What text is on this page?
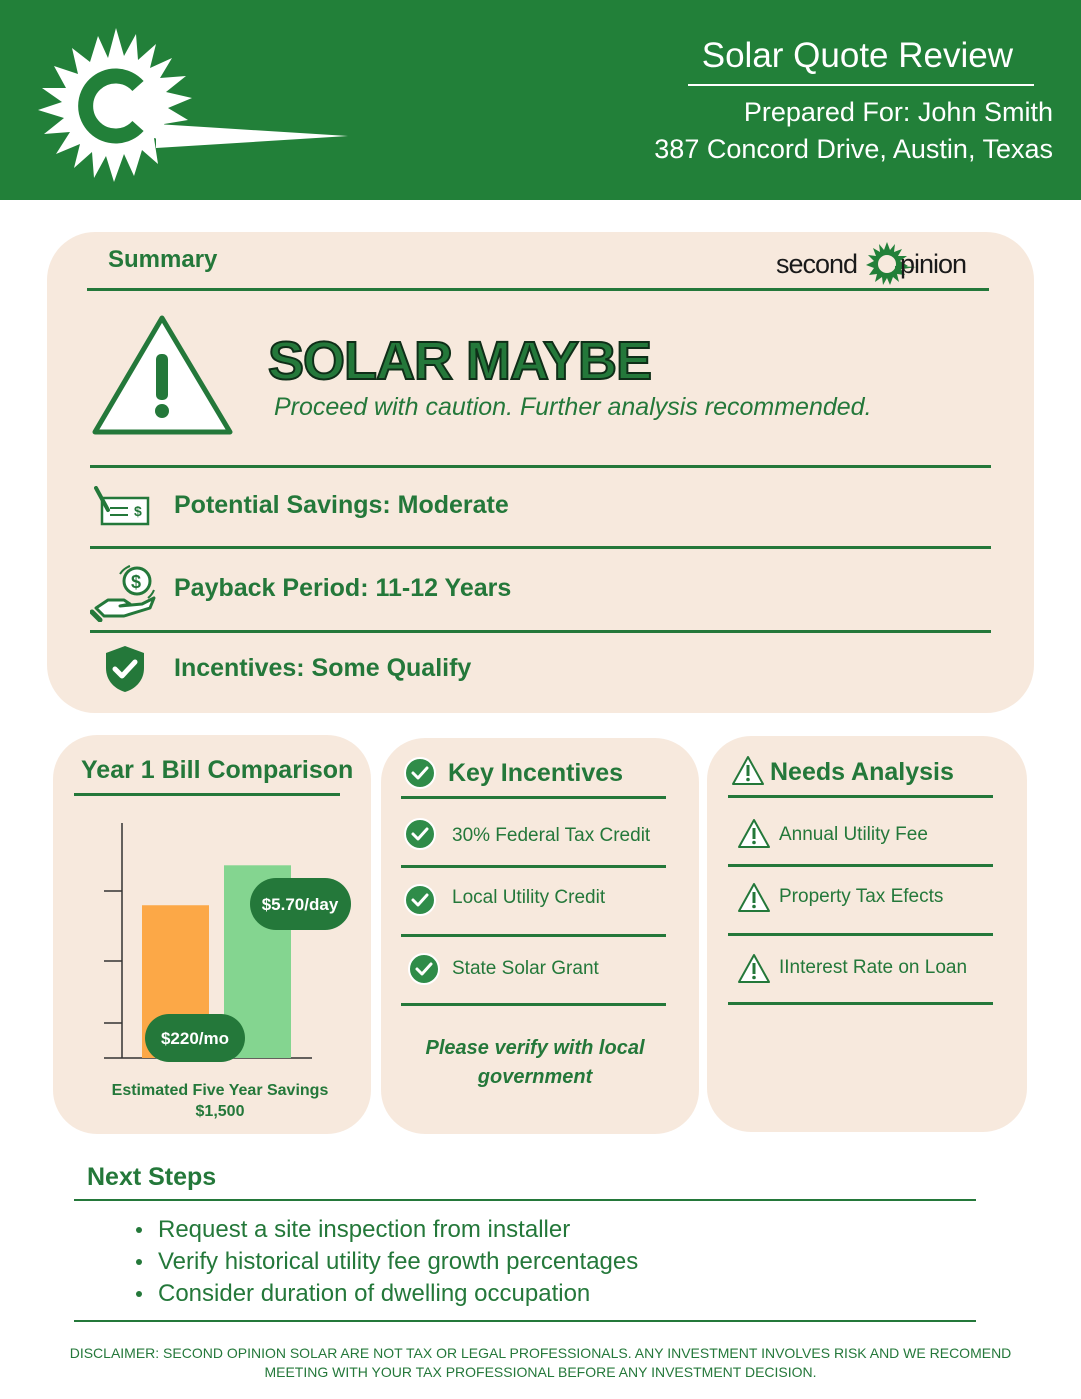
Solar Quote Review
Prepared For: John Smith
387 Concord Drive, Austin, Texas
Summary	second pinion
SOLAR MAYBE
Proceed with caution. Further analysis recommended.
$ Potential Savings: Moderate
$ Payback Period: 11-12 Years
Incentives: Some Qualify
Year 1 Bill Comparison
$5.70/day
$220/mo
Estimated Five Year Savings
$1,500
Key Incentives
30% Federal Tax Credit
Local Utility Credit
State Solar Grant
Please verify with local government
Needs Analysis
Annual Utility Fee
Property Tax Efects
IInterest Rate on Loan
Next Steps
Request a site inspection from installer
Verify historical utility fee growth percentages
Consider duration of dwelling occupation
DISCLAIMER: SECOND OPINION SOLAR ARE NOT TAX OR LEGAL PROFESSIONALS. ANY INVESTMENT INVOLVES RISK AND WE RECOMEND MEETING WITH YOUR TAX PROFESSIONAL BEFORE ANY INVESTMENT DECISION.
